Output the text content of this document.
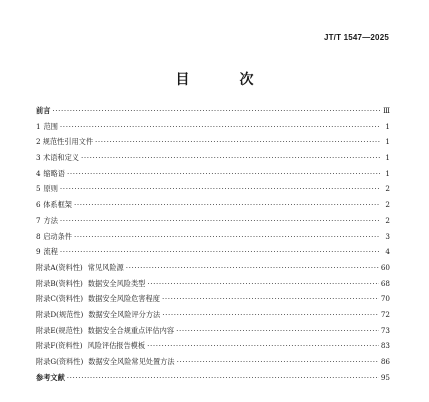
JT/T 1547—2025
目　次
前言 ·····	Ⅲ
1 范围 ·····	1
2 规范性引用文件 ·····	1
3 术语和定义 ·····	1
4 缩略语 ·····	1
5 原则 ·····	2
6 体系框架 ·····	2
7 方法 ·····	2
8 启动条件 ·····	3
9 流程 ·····	4
附录A(资料性) 常见风险源 ·····	60
附录B(资料性) 数据安全风险类型 ·····	68
附录C(资料性) 数据安全风险危害程度 ·····	70
附录D(规范性) 数据安全风险评分方法 ·····	72
附录E(规范性) 数据安全合规重点评估内容 ·····	73
附录F(资料性) 风险评估报告模板 ·····	83
附录G(资料性) 数据安全风险常见处置方法 ·····	86
参考文献 ·····	95
